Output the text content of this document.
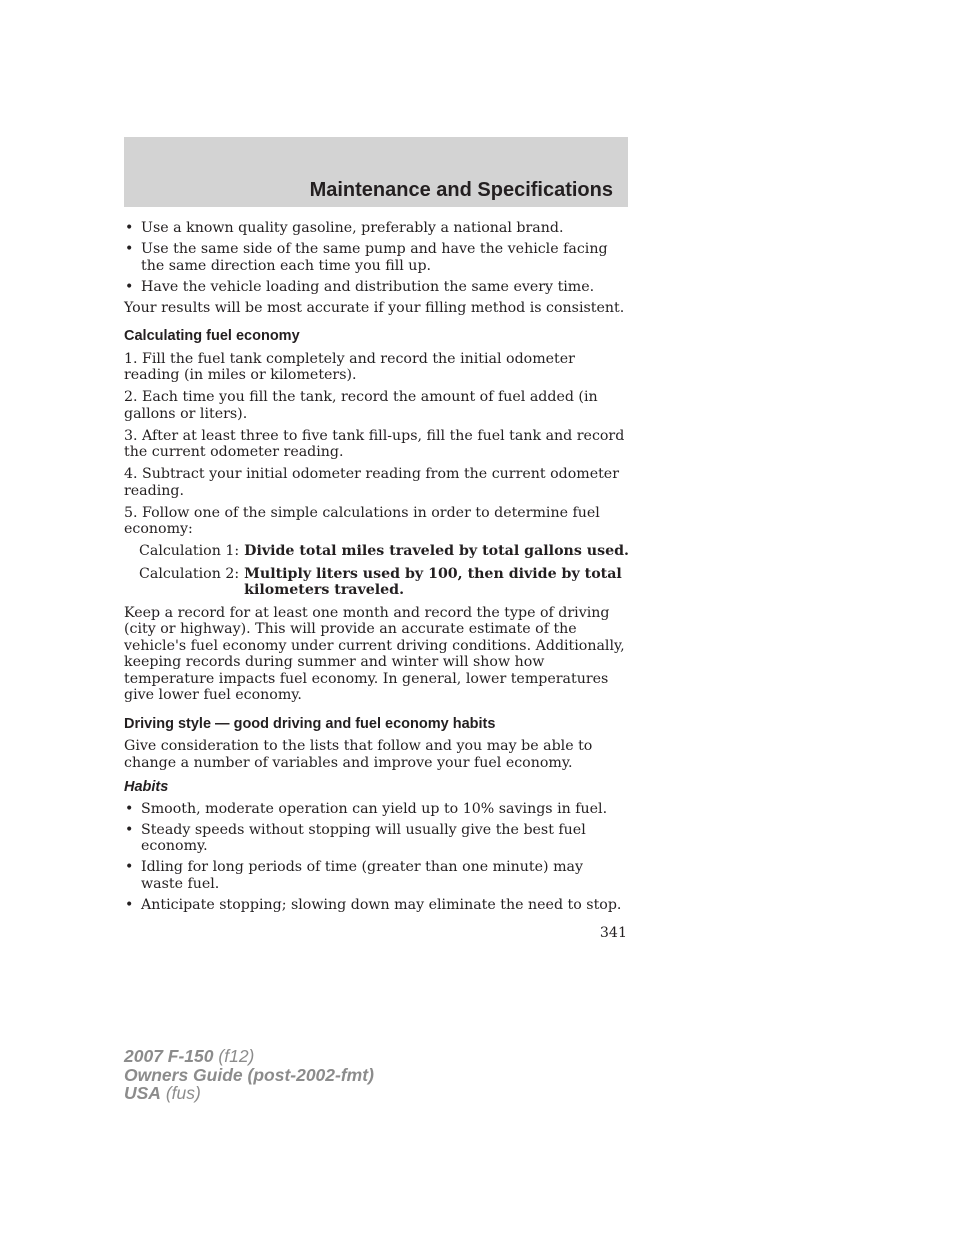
Maintenance and Specifications
• Use a known quality gasoline, preferably a national brand.
• Use the same side of the same pump and have the vehicle facing the same direction each time you fill up.
• Have the vehicle loading and distribution the same every time.

Your results will be most accurate if your filling method is consistent.

Calculating fuel economy

1. Fill the fuel tank completely and record the initial odometer reading (in miles or kilometers).

2. Each time you fill the tank, record the amount of fuel added (in gallons or liters).

3. After at least three to five tank fill-ups, fill the fuel tank and record the current odometer reading.

4. Subtract your initial odometer reading from the current odometer reading.

5. Follow one of the simple calculations in order to determine fuel economy:

Calculation 1: Divide total miles traveled by total gallons used.
Calculation 2: Multiply liters used by 100, then divide by total kilometers traveled.

Keep a record for at least one month and record the type of driving (city or highway). This will provide an accurate estimate of the vehicle's fuel economy under current driving conditions. Additionally, keeping records during summer and winter will show how temperature impacts fuel economy. In general, lower temperatures give lower fuel economy.

Driving style — good driving and fuel economy habits

Give consideration to the lists that follow and you may be able to change a number of variables and improve your fuel economy.

Habits
• Smooth, moderate operation can yield up to 10% savings in fuel.
• Steady speeds without stopping will usually give the best fuel economy.
• Idling for long periods of time (greater than one minute) may waste fuel.
• Anticipate stopping; slowing down may eliminate the need to stop.
341
2007 F-150 (f12)
Owners Guide (post-2002-fmt)
USA (fus)
